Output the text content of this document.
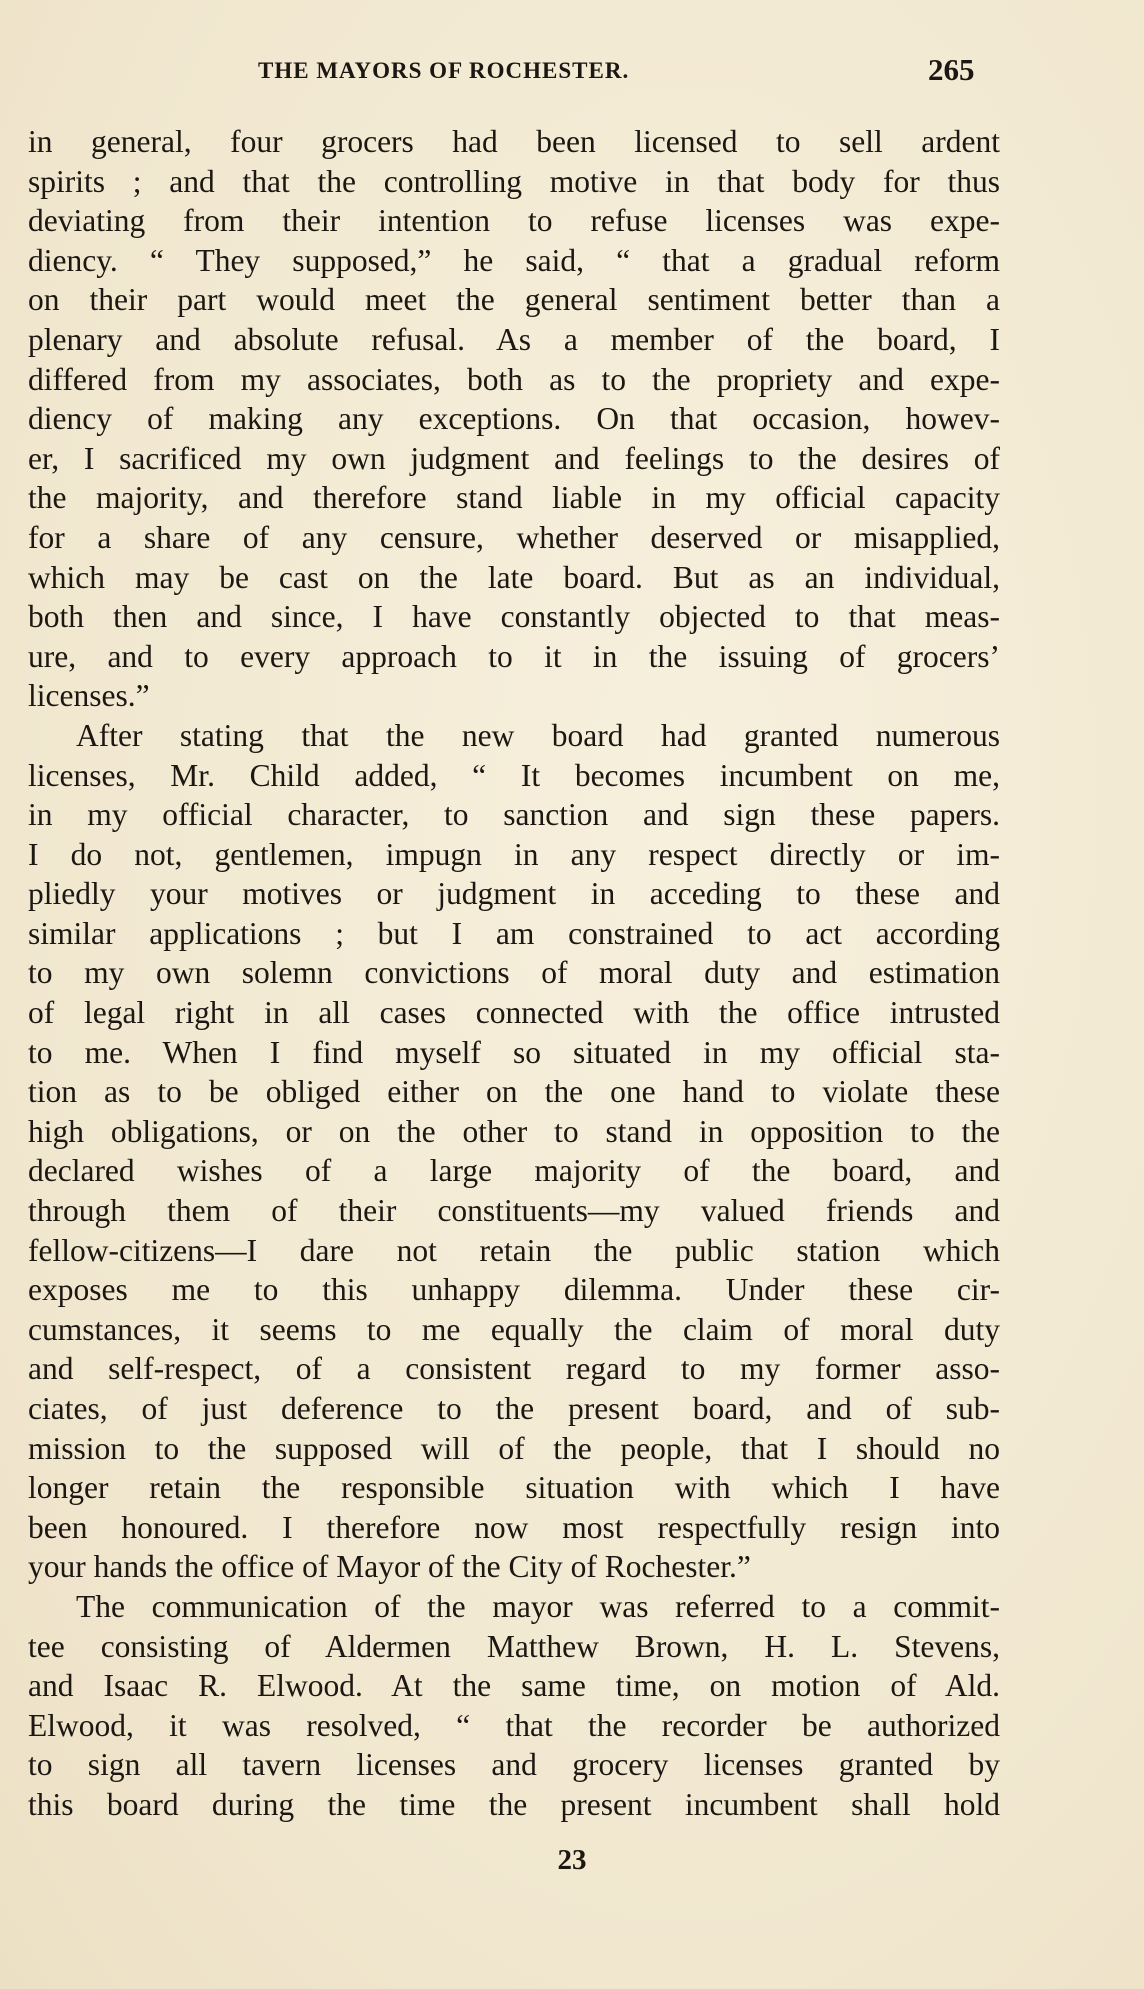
THE MAYORS OF ROCHESTER.	265
in general, four grocers had been licensed to sell ardent
spirits ; and that the controlling motive in that body for thus
deviating from their intention to refuse licenses was expe-
diency. “ They supposed,” he said, “ that a gradual reform
on their part would meet the general sentiment better than a
plenary and absolute refusal. As a member of the board, I
differed from my associates, both as to the propriety and expe-
diency of making any exceptions. On that occasion, howev-
er, I sacrificed my own judgment and feelings to the desires of
the majority, and therefore stand liable in my official capacity
for a share of any censure, whether deserved or misapplied,
which may be cast on the late board. But as an individual,
both then and since, I have constantly objected to that meas-
ure, and to every approach to it in the issuing of grocers’
licenses.”
After stating that the new board had granted numerous
licenses, Mr. Child added, “ It becomes incumbent on me,
in my official character, to sanction and sign these papers.
I do not, gentlemen, impugn in any respect directly or im-
pliedly your motives or judgment in acceding to these and
similar applications ; but I am constrained to act according
to my own solemn convictions of moral duty and estimation
of legal right in all cases connected with the office intrusted
to me. When I find myself so situated in my official sta-
tion as to be obliged either on the one hand to violate these
high obligations, or on the other to stand in opposition to the
declared wishes of a large majority of the board, and
through them of their constituents—my valued friends and
fellow-citizens—I dare not retain the public station which
exposes me to this unhappy dilemma. Under these cir-
cumstances, it seems to me equally the claim of moral duty
and self-respect, of a consistent regard to my former asso-
ciates, of just deference to the present board, and of sub-
mission to the supposed will of the people, that I should no
longer retain the responsible situation with which I have
been honoured. I therefore now most respectfully resign into
your hands the office of Mayor of the City of Rochester.”
The communication of the mayor was referred to a commit-
tee consisting of Aldermen Matthew Brown, H. L. Stevens,
and Isaac R. Elwood. At the same time, on motion of Ald.
Elwood, it was resolved, “ that the recorder be authorized
to sign all tavern licenses and grocery licenses granted by
this board during the time the present incumbent shall hold
23
